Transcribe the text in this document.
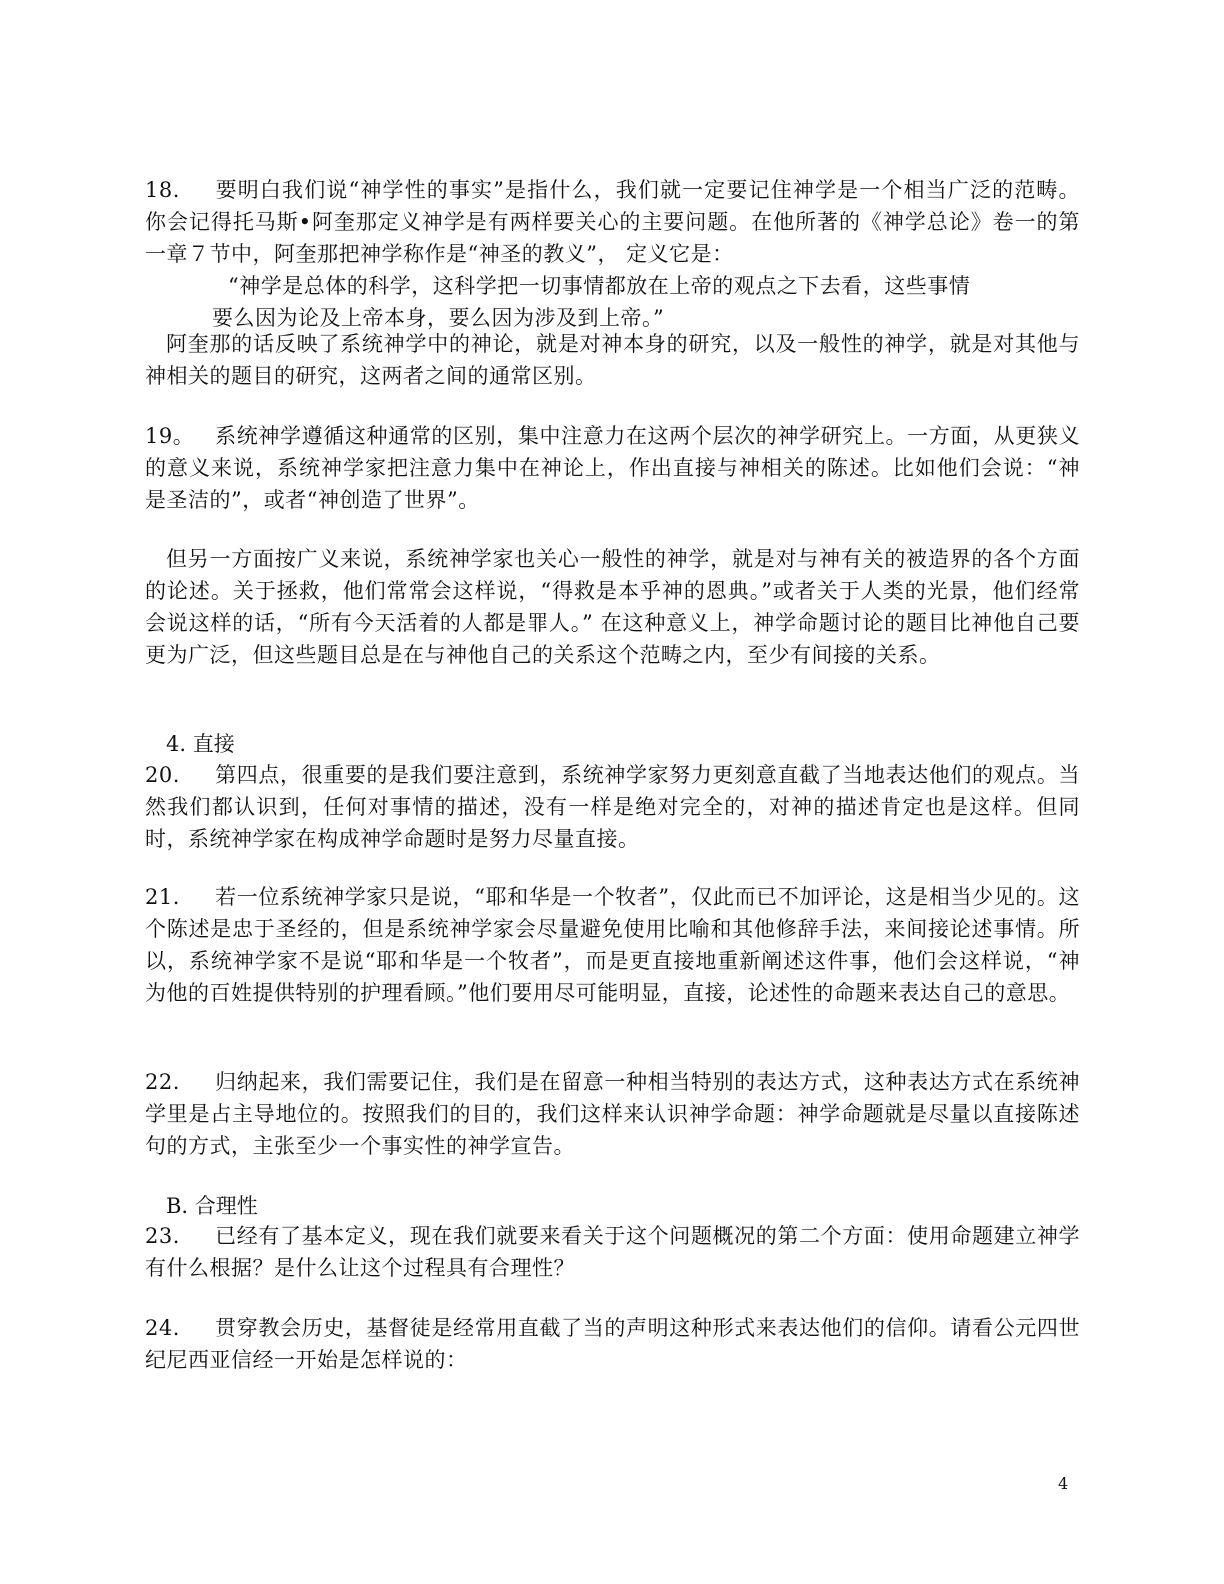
18. 要明白我们说“神学性的事实”是指什么，我们就一定要记住神学是一个相当广泛的范畴。 你会记得托马斯•阿奎那定义神学是有两样要关心的主要问题。在他所著的《神学总论》卷一的第一章７节中，阿奎那把神学称作是“神圣的教义”， 定义它是：
“神学是总体的科学，这科学把一切事情都放在上帝的观点之下去看，这些事情
要么因为论及上帝本身，要么因为涉及到上帝。”
阿奎那的话反映了系统神学中的神论，就是对神本身的研究，以及一般性的神学，就是对其他与神相关的题目的研究，这两者之间的通常区别。
19。 系统神学遵循这种通常的区别，集中注意力在这两个层次的神学研究上。一方面，从更狭义的意义来说，系统神学家把注意力集中在神论上，作出直接与神相关的陈述。比如他们会说：“神是圣洁的”，或者“神创造了世界”。
但另一方面按广义来说，系统神学家也关心一般性的神学，就是对与神有关的被造界的各个方面的论述。关于拯救，他们常常会这样说，“得救是本乎神的恩典。”或者关于人类的光景，他们经常会说这样的话，“所有今天活着的人都是罪人。” 在这种意义上，神学命题讨论的题目比神他自己要更为广泛，但这些题目总是在与神他自己的关系这个范畴之内，至少有间接的关系。
4. 直接
20. 第四点，很重要的是我们要注意到，系统神学家努力更刻意直截了当地表达他们的观点。当然我们都认识到，任何对事情的描述，没有一样是绝对完全的，对神的描述肯定也是这样。但同时，系统神学家在构成神学命题时是努力尽量直接。
21. 若一位系统神学家只是说，“耶和华是一个牧者”，仅此而已不加评论，这是相当少见的。这个陈述是忠于圣经的，但是系统神学家会尽量避免使用比喻和其他修辞手法，来间接论述事情。所以，系统神学家不是说“耶和华是一个牧者”，而是更直接地重新阐述这件事，他们会这样说，“神为他的百姓提供特别的护理看顾。”他们要用尽可能明显，直接，论述性的命题来表达自己的意思。
22. 归纳起来，我们需要记住，我们是在留意一种相当特别的表达方式，这种表达方式在系统神学里是占主导地位的。按照我们的目的，我们这样来认识神学命题：神学命题就是尽量以直接陈述句的方式，主张至少一个事实性的神学宣告。
B. 合理性
23. 已经有了基本定义，现在我们就要来看关于这个问题概况的第二个方面：使用命题建立神学有什么根据？是什么让这个过程具有合理性？
24. 贯穿教会历史，基督徒是经常用直截了当的声明这种形式来表达他们的信仰。请看公元四世纪尼西亚信经一开始是怎样说的：
4
